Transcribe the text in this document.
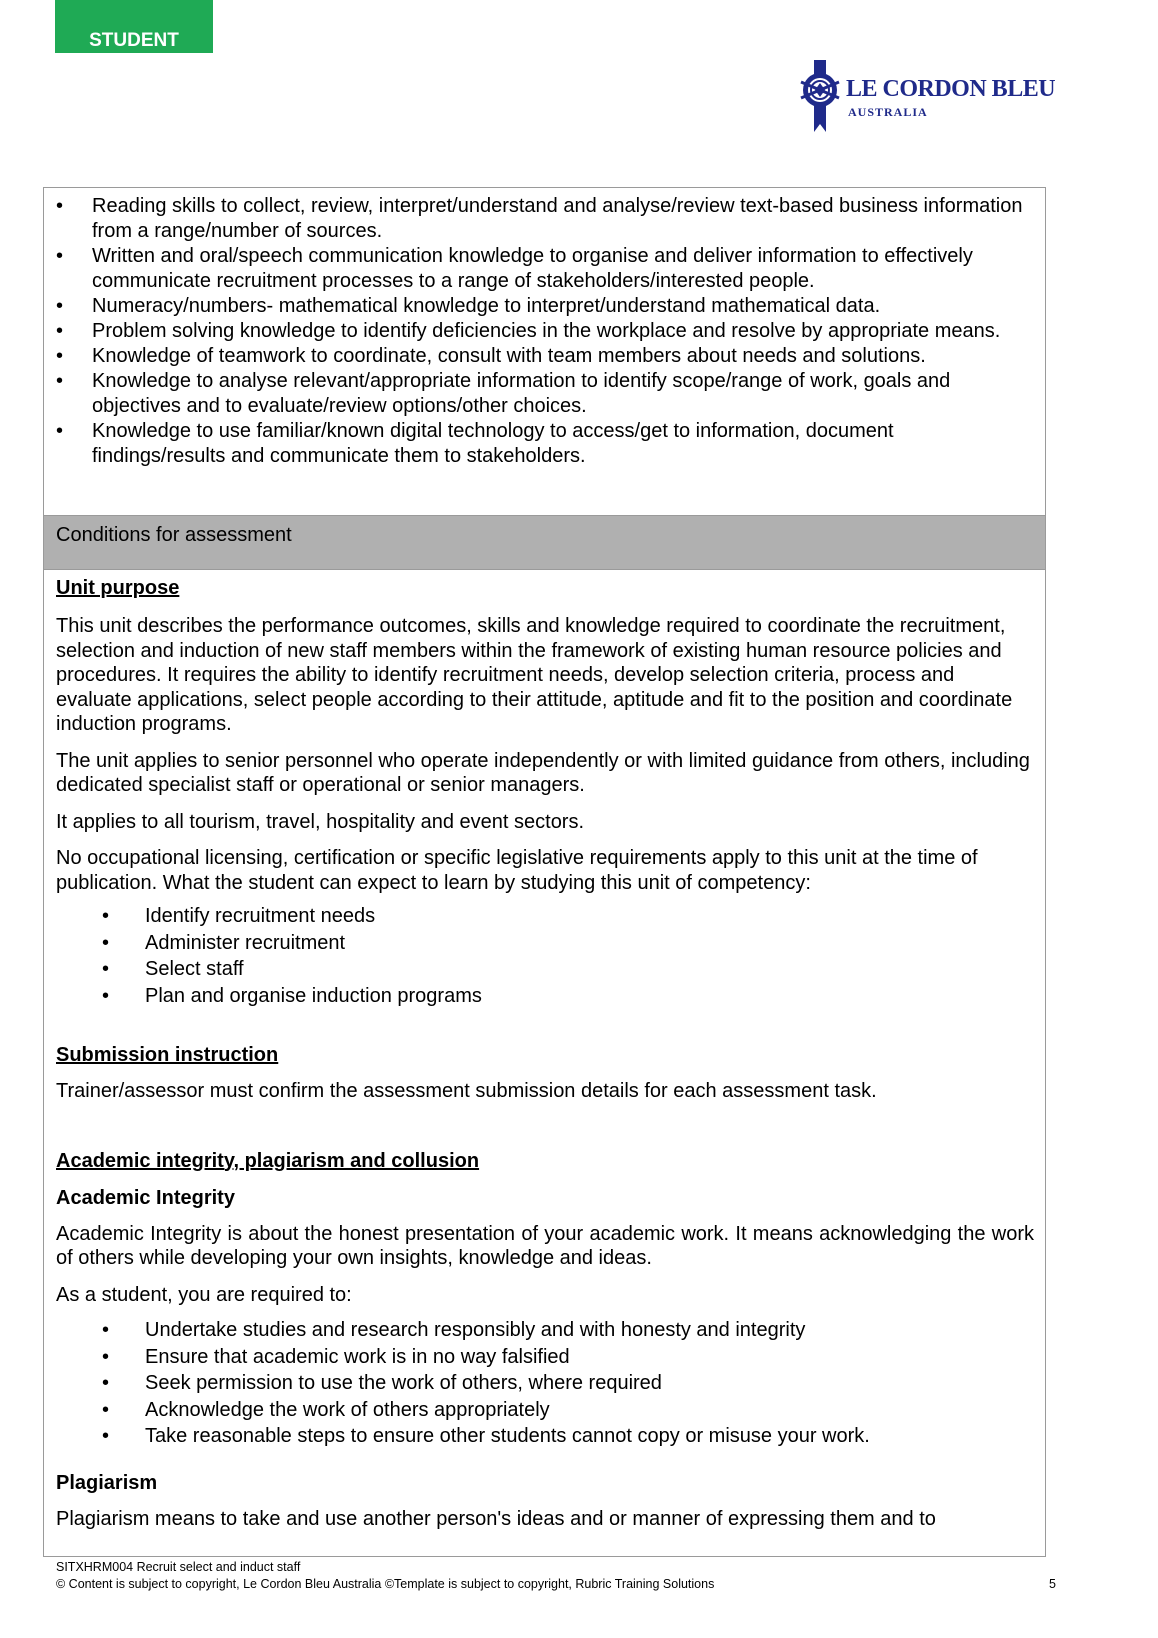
STUDENT
LE CORDON BLEU
AUSTRALIA
• Reading skills to collect, review, interpret/understand and analyse/review text-based business information from a range/number of sources.
• Written and oral/speech communication knowledge to organise and deliver information to effectively communicate recruitment processes to a range of stakeholders/interested people.
• Numeracy/numbers- mathematical knowledge to interpret/understand mathematical data.
• Problem solving knowledge to identify deficiencies in the workplace and resolve by appropriate means.
• Knowledge of teamwork to coordinate, consult with team members about needs and solutions.
• Knowledge to analyse relevant/appropriate information to identify scope/range of work, goals and objectives and to evaluate/review options/other choices.
• Knowledge to use familiar/known digital technology to access/get to information, document findings/results and communicate them to stakeholders.
Conditions for assessment

Unit purpose

This unit describes the performance outcomes, skills and knowledge required to coordinate the recruitment, selection and induction of new staff members within the framework of existing human resource policies and procedures. It requires the ability to identify recruitment needs, develop selection criteria, process and evaluate applications, select people according to their attitude, aptitude and fit to the position and coordinate induction programs.

The unit applies to senior personnel who operate independently or with limited guidance from others, including dedicated specialist staff or operational or senior managers.

It applies to all tourism, travel, hospitality and event sectors.

No occupational licensing, certification or specific legislative requirements apply to this unit at the time of publication. What the student can expect to learn by studying this unit of competency:

• Identify recruitment needs
• Administer recruitment
• Select staff
• Plan and organise induction programs

Submission instruction

Trainer/assessor must confirm the assessment submission details for each assessment task.

Academic integrity, plagiarism and collusion

Academic Integrity

Academic Integrity is about the honest presentation of your academic work. It means acknowledging the work of others while developing your own insights, knowledge and ideas.

As a student, you are required to:

• Undertake studies and research responsibly and with honesty and integrity
• Ensure that academic work is in no way falsified
• Seek permission to use the work of others, where required
• Acknowledge the work of others appropriately
• Take reasonable steps to ensure other students cannot copy or misuse your work.

Plagiarism

Plagiarism means to take and use another person's ideas and or manner of expressing them and to

SITXHRM004 Recruit select and induct staff
© Content is subject to copyright, Le Cordon Bleu Australia ©Template is subject to copyright, Rubric Training Solutions	5
